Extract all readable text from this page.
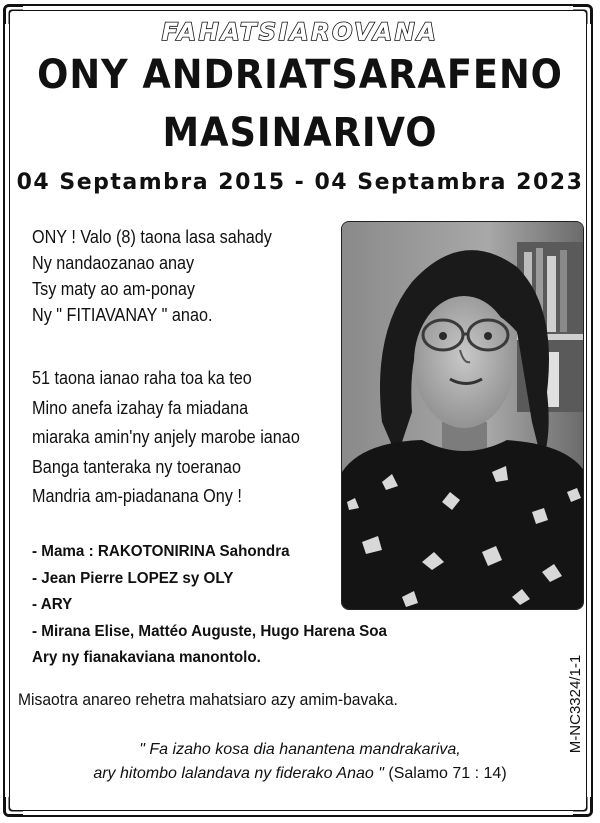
FAHATSIAROVANA
ONY ANDRIATSARAFENO
MASINARIVO
04 Septambra 2015 - 04 Septambra 2023
ONY ! Valo (8) taona lasa sahady
Ny nandaozanao anay
Tsy maty ao am-ponay
Ny " FITIAVANAY " anao.
51 taona ianao raha toa ka teo
Mino anefa izahay fa miadana
miaraka amin'ny anjely marobe ianao
Banga tanteraka ny toeranao
Mandria am-piadanana Ony !
- Mama : RAKOTONIRINA Sahondra
- Jean Pierre LOPEZ sy OLY
- ARY
- Mirana Elise, Mattéo Auguste, Hugo Harena Soa
Ary ny fianakaviana manontolo.
Misaotra anareo rehetra mahatsiaro azy amim-bavaka.
" Fa izaho kosa dia hanantena mandrakariva,
ary hitombo lalandava ny fiderako Anao " (Salamo 71 : 14)
M-NC3324/1-1
